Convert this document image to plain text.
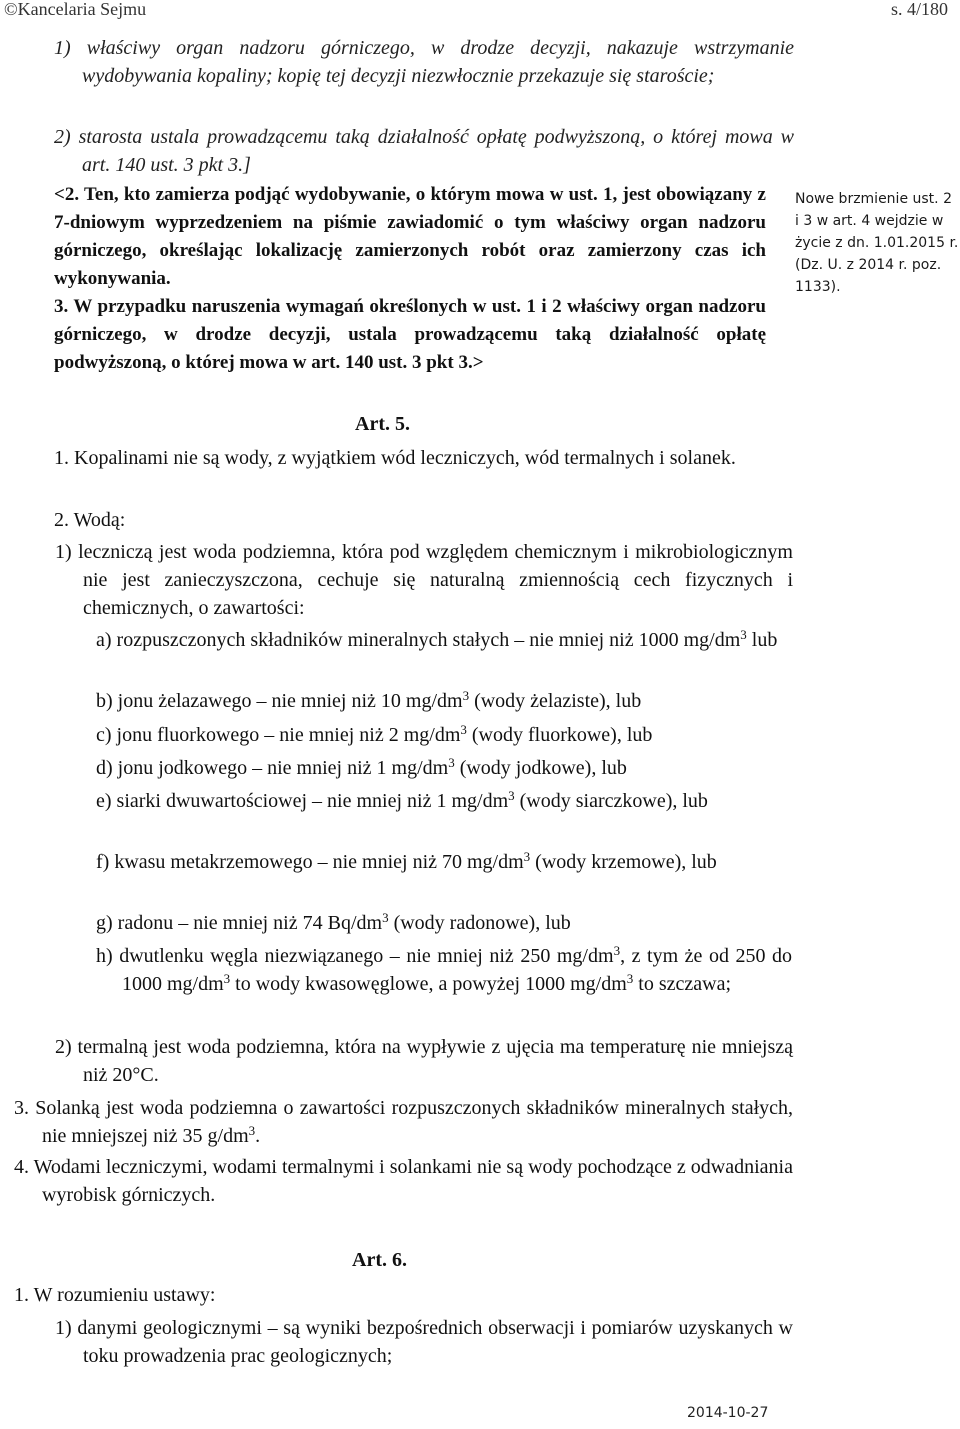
©Kancelaria Sejmu	s. 4/180
1) właściwy organ nadzoru górniczego, w drodze decyzji, nakazuje wstrzymanie wydobywania kopaliny; kopię tej decyzji niezwłocznie przekazuje się staroście;
2) starosta ustala prowadzącemu taką działalność opłatę podwyższoną, o której mowa w art. 140 ust. 3 pkt 3.]
<2. Ten, kto zamierza podjąć wydobywanie, o którym mowa w ust. 1, jest obowiązany z 7-dniowym wyprzedzeniem na piśmie zawiadomić o tym właściwy organ nadzoru górniczego, określając lokalizację zamierzonych robót oraz zamierzony czas ich wykonywania.
3. W przypadku naruszenia wymagań określonych w ust. 1 i 2 właściwy organ nadzoru górniczego, w drodze decyzji, ustala prowadzącemu taką działalność opłatę podwyższoną, o której mowa w art. 140 ust. 3 pkt 3.>
Nowe brzmienie ust. 2 i 3 w art. 4 wejdzie w życie z dn. 1.01.2015 r. (Dz. U. z 2014 r. poz. 1133).
Art. 5.
1. Kopalinami nie są wody, z wyjątkiem wód leczniczych, wód termalnych i solanek.
2. Wodą:
1) leczniczą jest woda podziemna, która pod względem chemicznym i mikrobiologicznym nie jest zanieczyszczona, cechuje się naturalną zmiennością cech fizycznych i chemicznych, o zawartości:
a) rozpuszczonych składników mineralnych stałych – nie mniej niż 1000 $mg/dm^3$ lub
b) jonu żelazawego – nie mniej niż 10 $mg/dm^3$ (wody żelaziste), lub
c) jonu fluorkowego – nie mniej niż 2 $mg/dm^3$ (wody fluorkowe), lub
d) jonu jodkowego – nie mniej niż 1 $mg/dm^3$ (wody jodkowe), lub
e) siarki dwuwartościowej – nie mniej niż 1 $mg/dm^3$ (wody siarczkowe), lub
f) kwasu metakrzemowego – nie mniej niż 70 $mg/dm^3$ (wody krzemowe), lub
g) radonu – nie mniej niż 74 $Bq/dm^3$ (wody radonowe), lub
h) dwutlenku węgla niezwiązanego – nie mniej niż 250 $mg/dm^3$, z tym że od 250 do 1000 $mg/dm^3$ to wody kwasowęglowe, a powyżej 1000 $mg/dm^3$ to szczawa;
2) termalną jest woda podziemna, która na wypływie z ujęcia ma temperaturę nie mniejszą niż 20°C.
3. Solanką jest woda podziemna o zawartości rozpuszczonych składników mineralnych stałych, nie mniejszej niż 35 $g/dm^3$.
4. Wodami leczniczymi, wodami termalnymi i solankami nie są wody pochodzące z odwadniania wyrobisk górniczych.
Art. 6.
1. W rozumieniu ustawy:
1) danymi geologicznymi – są wyniki bezpośrednich obserwacji i pomiarów uzyskanych w toku prowadzenia prac geologicznych;
2014-10-27
